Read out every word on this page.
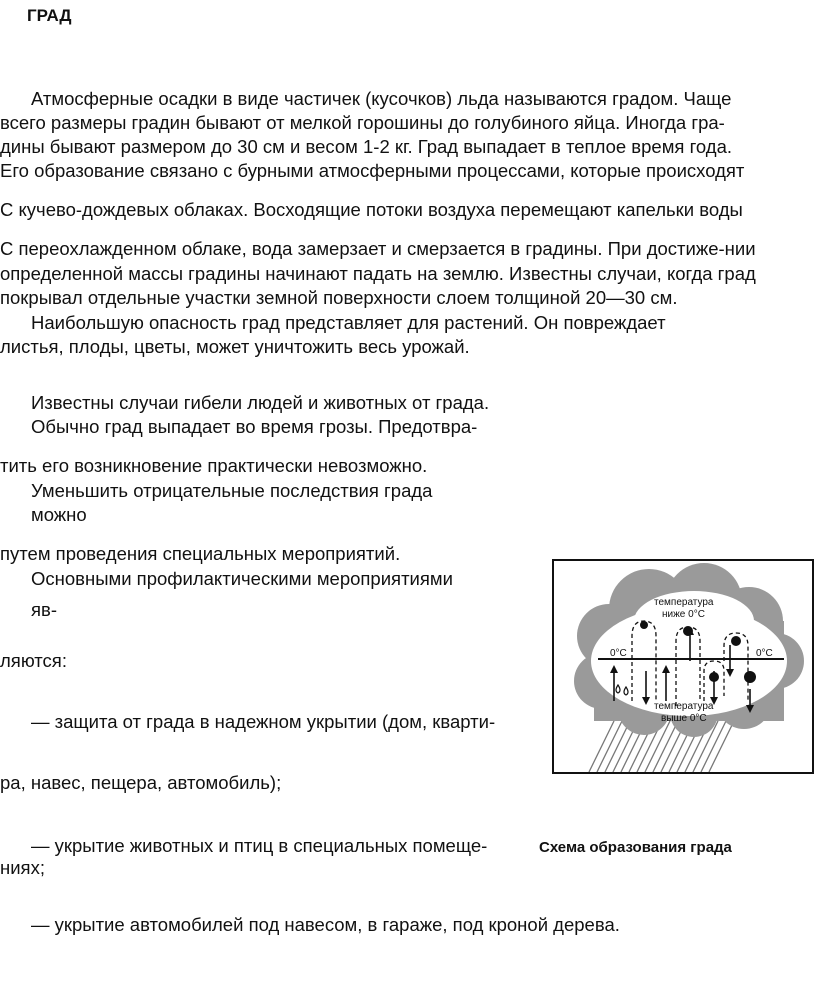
ГРАД
Атмосферные осадки в виде частичек (кусочков) льда называются градом. Чаще
всего размеры градин бывают от мелкой горошины до голубиного яйца. Иногда гра-
дины бывают размером до 30 см и весом 1-2 кг. Град выпадает в теплое время года.
Его образование связано с бурными атмосферными процессами, которые происходят
С кучево-дождевых облаках. Восходящие потоки воздуха перемещают капельки воды
С переохлажденном облаке, вода замерзает и смерзается в градины. При достиже-нии
определенной массы градины начинают падать на землю. Известны случаи, когда град
покрывал отдельные участки земной поверхности слоем толщиной 20—30 см.
Наибольшую опасность град представляет для растений. Он повреждает
листья, плоды, цветы, может уничтожить весь урожай.
Известны случаи гибели людей и животных от града.
Обычно град выпадает во время грозы. Предотвра-
тить его возникновение практически невозможно.
Уменьшить отрицательные последствия града
можно
путем проведения специальных мероприятий.
Основными профилактическими мероприятиями
яв-
ляются:
— защита от града в надежном укрытии (дом, кварти-
ра, навес, пещера, автомобиль);
— укрытие животных и птиц в специальных помеще-
ниях;
— укрытие автомобилей под навесом, в гараже, под кроной дерева.
Схема образования града
0°С	0°С
температура
ниже 0°С
температура
выше 0°С
